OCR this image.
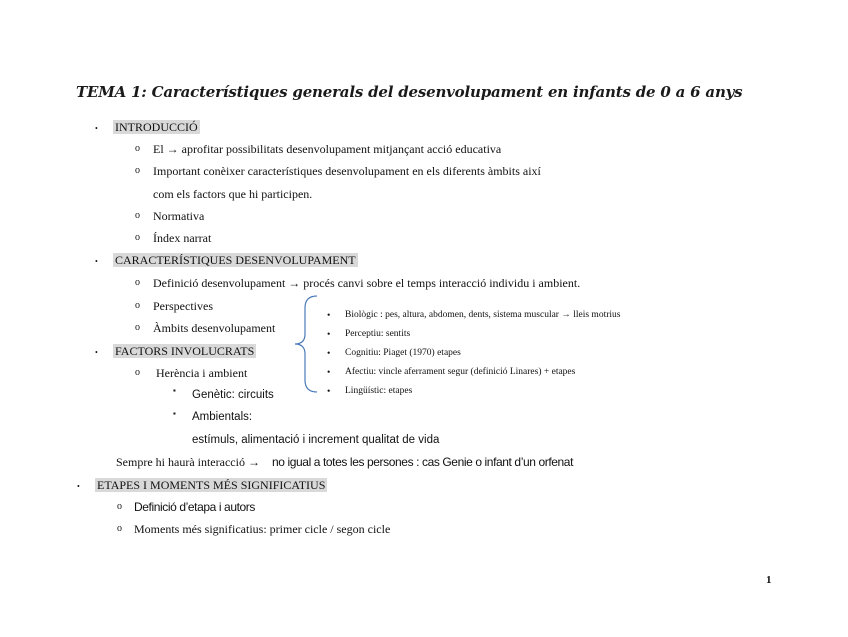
TEMA 1: Característiques generals del desenvolupament en infants de 0 a 6 anys
• INTRODUCCIÓ
o El → aprofitar possibilitats desenvolupament mitjançant acció educativa
o Important conèixer característiques desenvolupament en els diferents àmbits així
com els factors que hi participen.
o Normativa
o Índex narrat
• CARACTERÍSTIQUES DESENVOLUPAMENT
o Definició desenvolupament → procés canvi sobre el temps interacció individu i ambient.
o Perspectives
o Àmbits desenvolupament
• Biològic : pes, altura, abdomen, dents, sistema muscular → lleis motrius
• Perceptiu: sentits
• Cognitiu: Piaget (1970) etapes
• Afectiu: vincle aferrament segur (definició Linares) + etapes
• Lingüístic: etapes
• FACTORS INVOLUCRATS
o Herència i ambient
▪ Genètic: circuits
▪ Ambientals:
estímuls, alimentació i increment qualitat de vida
Sempre hi haurà interacció → no igual a totes les persones : cas Genie o infant d’un orfenat
• ETAPES I MOMENTS MÉS SIGNIFICATIUS
o Definició d’etapa i autors
o Moments més significatius: primer cicle / segon cicle
1
